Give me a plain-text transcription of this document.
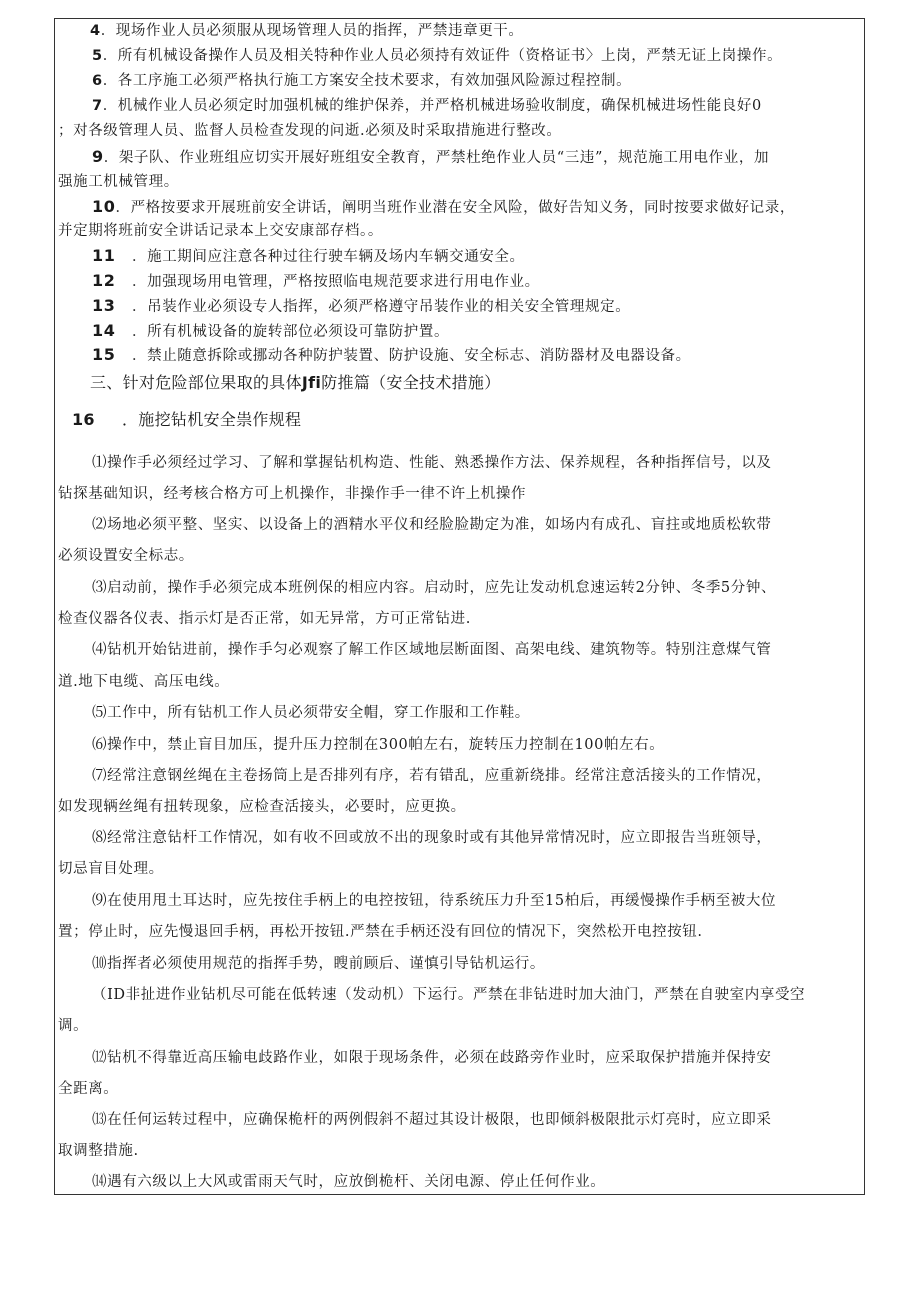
4．现场作业人员必须服从现场管理人员的指挥，严禁违章更干。
5．所有机械设备操作人员及相关特种作业人员必须持有效证件（资格证书〉上岗，严禁无证上岗操作。
6．各工序施工必须严格执行施工方案安全技术要求，有效加强风险源过程控制。
7．机械作业人员必须定时加强机械的维护保养，并严格机械进场验收制度，确保机械进场性能良好0
；对各级管理人员、监督人员检查发现的问逝.必须及时采取措施进行整改。
9．架子队、作业班组应切实开展好班组安全教育，严禁杜绝作业人员“三违”，规范施工用电作业，加
强施工机械管理。
10．严格按要求开展班前安全讲话，阐明当班作业潜在安全风险，做好告知义务，同时按要求做好记录，
并定期将班前安全讲话记录本上交安康部存档。。
11 ．施工期间应注意各种过往行驶车辆及场内车辆交通安全。
12 ．加强现场用电管理，严格按照临电规范要求进行用电作业。
13 ．吊装作业必须设专人指挥，必须严格遵守吊装作业的相关安全管理规定。
14 ．所有机械设备的旋转部位必须设可靠防护置。
15 ．禁止随意拆除或挪动各种防护装置、防护设施、安全标志、消防器材及电器设备。
三、针对危险部位果取的具体Jfi防推篇（安全技术措施）
16 ．施挖钻机安全祟作规程
⑴操作手必须经过学习、了解和掌握钻机构造、性能、熟悉操作方法、保养规程，各种指挥信号，以及
钻探基础知识，经考核合格方可上机操作，非操作手一律不许上机操作
⑵场地必须平整、坚实、以设备上的酒精水平仪和经脸脸勘定为准，如场内有成孔、盲拄或地质松软带
必须设置安全标志。
⑶启动前，操作手必须完成本班例保的相应内容。启动时，应先让发动机怠速运转2分钟、冬季5分钟、
检查仪器各仪表、指示灯是否正常，如无异常，方可正常钻进.
⑷钻机开始钻进前，操作手匀必观察了解工作区域地层断面图、高架电线、建筑物等。特别注意煤气管
道.地下电缆、高压电线。
⑸工作中，所有钻机工作人员必须带安全帽，穿工作服和工作鞋。
⑹操作中，禁止盲目加压，提升压力控制在300帕左右，旋转压力控制在100帕左右。
⑺经常注意钢丝绳在主卷扬筒上是否排列有序，若有错乱，应重新绕排。经常注意活接头的工作情况，
如发现辆丝绳有扭转现象，应检查活接头，必要时，应更换。
⑻经常注意钻杆工作情况，如有收不回或放不出的现象时或有其他异常情况时，应立即报告当班领导，
切忌盲目处理。
⑼在使用甩土耳达时，应先按住手柄上的电控按钮，待系统压力升至15柏后，再缓慢操作手柄至被大位
置；停止时，应先慢退回手柄，再松开按钮.严禁在手柄还没有回位的情况下，突然松开电控按钮.
⑽指挥者必须使用规范的指挥手势，瞍前顾后、谨慎引导钻机运行。
（ID非扯进作业钻机尽可能在低转速（发动机）下运行。严禁在非钻进时加大油门，严禁在自驶室内享受空
调。
⑿钻机不得靠近高压输电歧路作业，如限于现场条件，必须在歧路旁作业时，应采取保护措施并保持安
全距离。
⒀在任何运转过程中，应确保桅杆的两例假斜不超过其设计极限，也即倾斜极限批示灯亮时，应立即采
取调整措施.
⒁遇有六级以上大风或雷雨天气时，应放倒桅杆、关闭电源、停止任何作业。
